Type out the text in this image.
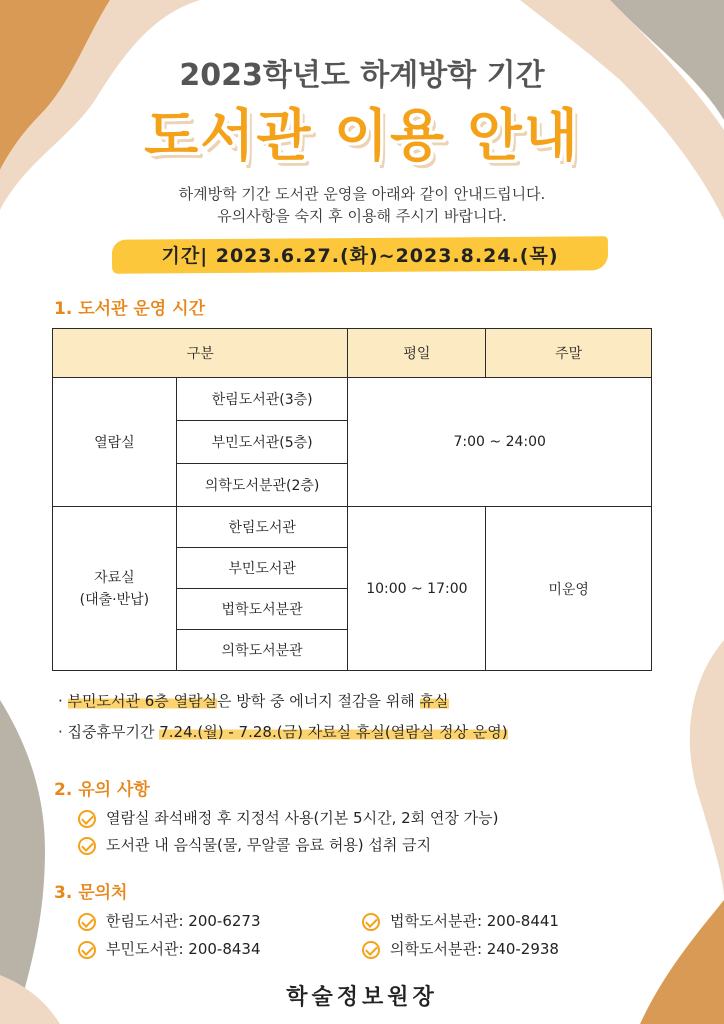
2023학년도 하계방학 기간
도서관 이용 안내
하계방학 기간 도서관 운영을 아래와 같이 안내드립니다.
유의사항을 숙지 후 이용해 주시기 바랍니다.
기간| 2023.6.27.(화)~2023.8.24.(목)
1. 도서관 운영 시간
구분		평일	주말
열람실	한림도서관(3층)	7:00 ~ 24:00	
	부민도서관(5층)		
	의학도서분관(2층)		

자료실
(대출·반납)	한림도서관	10:00 ~ 17:00	미운영
	부민도서관		
	법학도서분관		
	의학도서분관		
· 부민도서관 6층 열람실은 방학 중 에너지 절감을 위해 휴실
· 집중휴무기간 7.24.(월) - 7.28.(금) 자료실 휴실(열람실 정상 운영)
2. 유의 사항
열람실 좌석배정 후 지정석 사용(기본 5시간, 2회 연장 가능)
도서관 내 음식물(물, 무알콜 음료 허용) 섭취 금지
3. 문의처
한림도서관: 200-6273	법학도서분관: 200-8441
부민도서관: 200-8434	의학도서분관: 240-2938
학술정보원장
